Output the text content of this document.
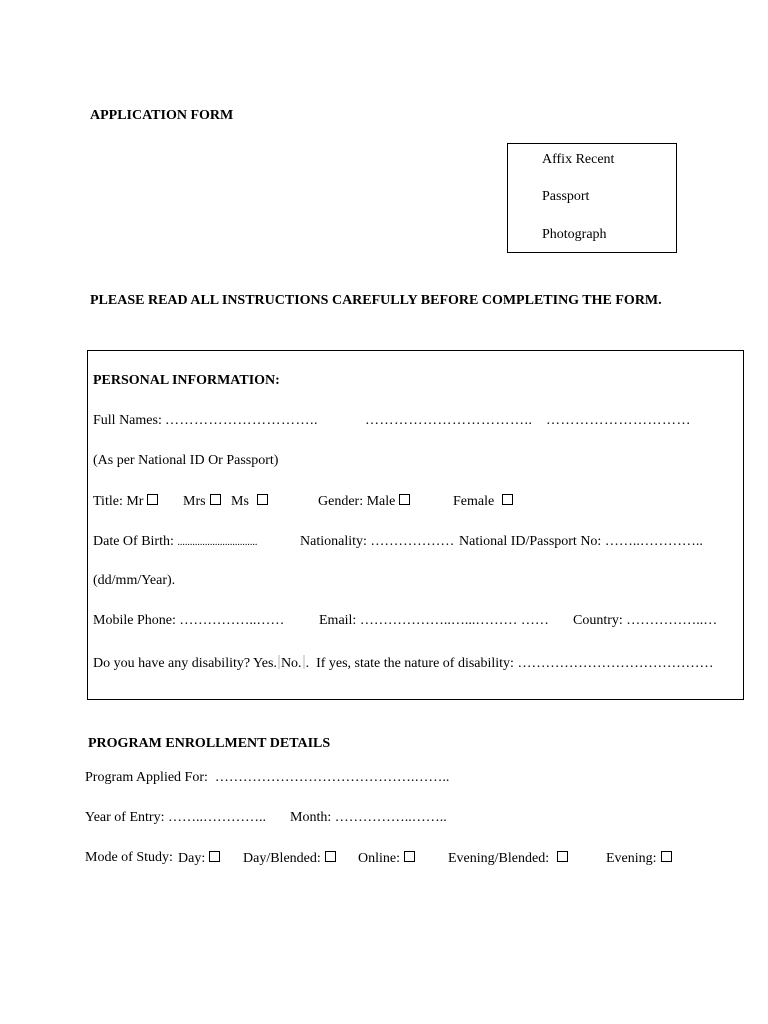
APPLICATION FORM
Affix Recent
Passport
Photograph
PLEASE READ ALL INSTRUCTIONS CAREFULLY BEFORE COMPLETING THE FORM.
PERSONAL INFORMATION:
Full Names: …………………………..	…………………………….. …………………………
(As per National ID Or Passport)
Title: Mr	Mrs	Ms	Gender: Male	Female
Date Of Birth: ................................	Nationality: ……………… National ID/Passport No: ……..…………..
(dd/mm/Year).
Mobile Phone: ……………..…… Email: ………………..…...……… …… Country: ……………..…
Do you have any disability? Yes. No. . If yes, state the nature of disability: ……………………………………
PROGRAM ENROLLMENT DETAILS
Program Applied For: …………………………………….……..
Year of Entry: ……..………….. Month: ……………..……..
Mode of Study: Day:	Day/Blended:	Online:	Evening/Blended:	Evening:
